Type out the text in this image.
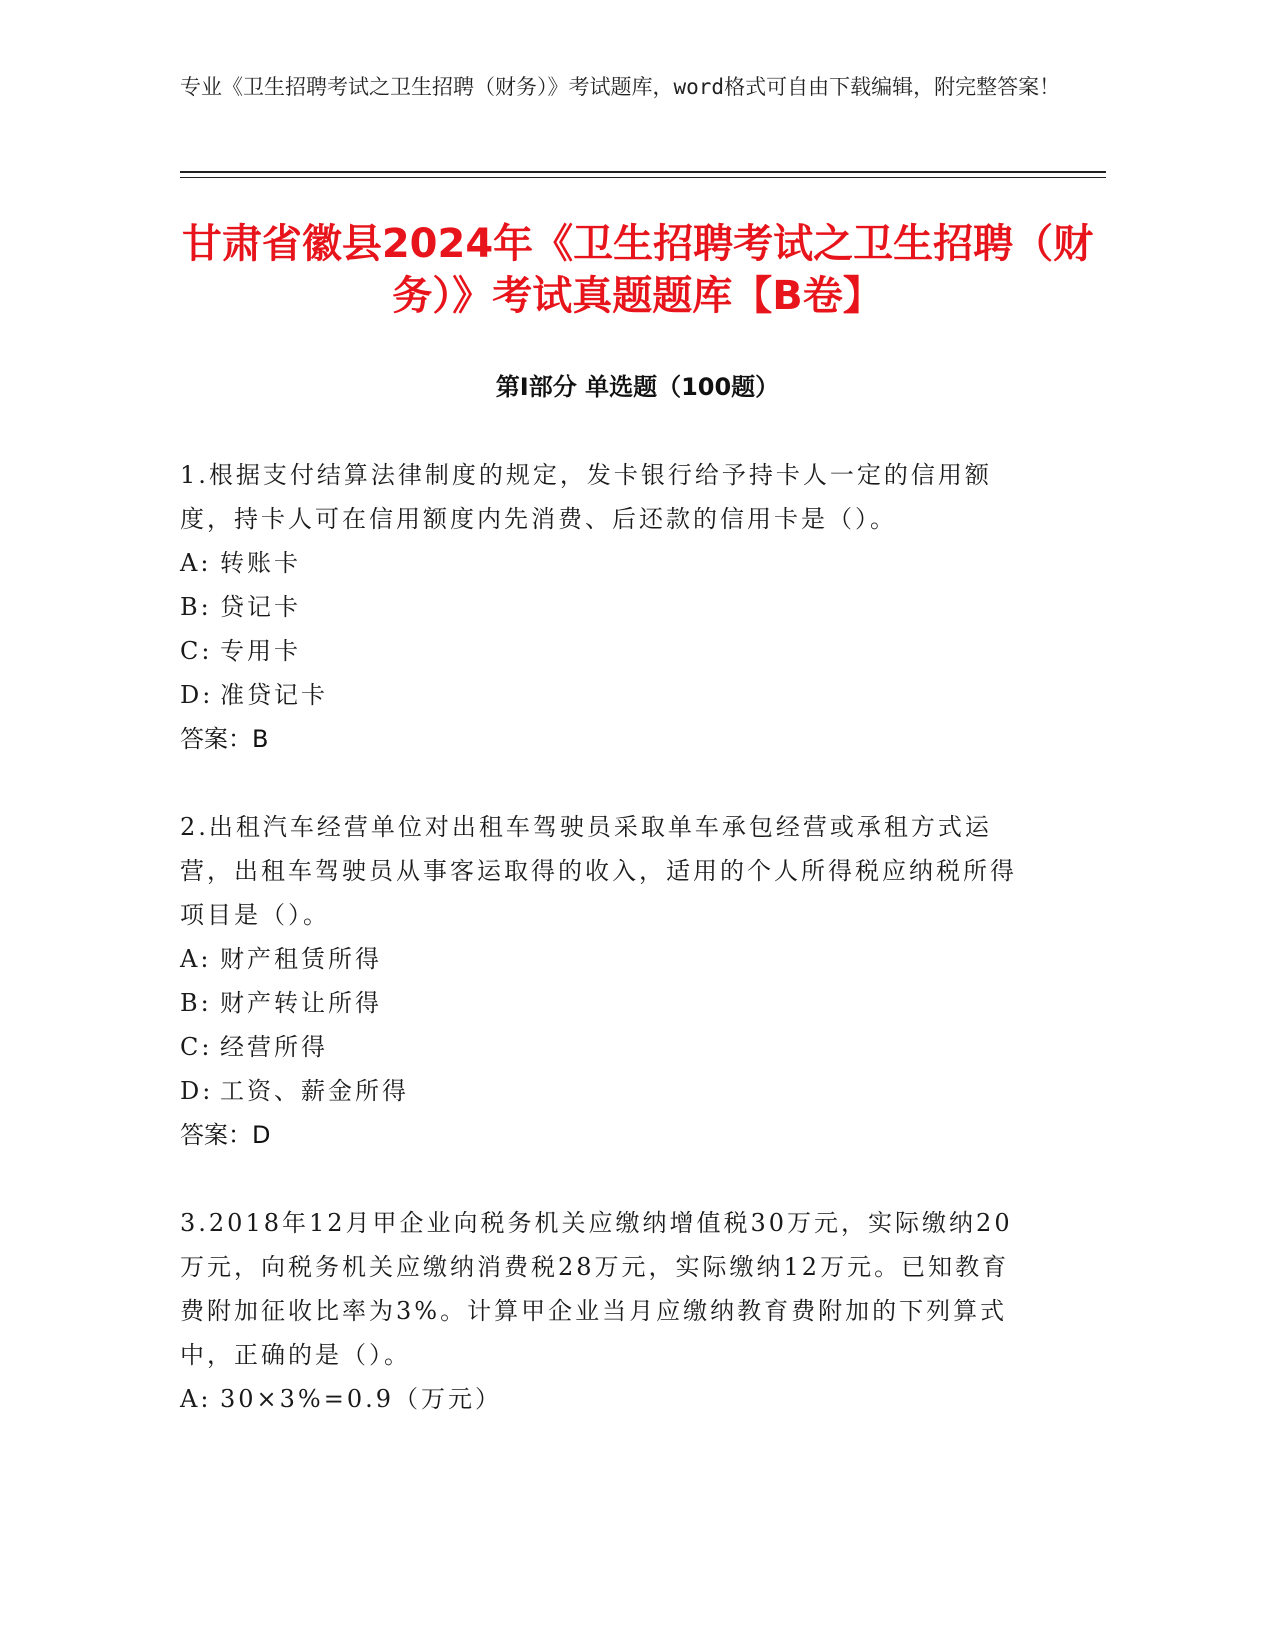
专业《卫生招聘考试之卫生招聘（财务）》考试题库，word格式可自由下载编辑，附完整答案！
甘肃省徽县2024年《卫生招聘考试之卫生招聘（财务）》考试真题题库【B卷】
第I部分 单选题（100题）
1.根据支付结算法律制度的规定，发卡银行给予持卡人一定的信用额度，持卡人可在信用额度内先消费、后还款的信用卡是（）。
A: 转账卡
B: 贷记卡
C: 专用卡
D: 准贷记卡
答案：B
2.出租汽车经营单位对出租车驾驶员采取单车承包经营或承租方式运营，出租车驾驶员从事客运取得的收入，适用的个人所得税应纳税所得项目是（）。
A: 财产租赁所得
B: 财产转让所得
C: 经营所得
D: 工资、薪金所得
答案：D
3.2018年12月甲企业向税务机关应缴纳增值税30万元，实际缴纳20万元，向税务机关应缴纳消费税28万元，实际缴纳12万元。已知教育费附加征收比率为3%。计算甲企业当月应缴纳教育费附加的下列算式中，正确的是（）。
A: 30×3%=0.9（万元）
